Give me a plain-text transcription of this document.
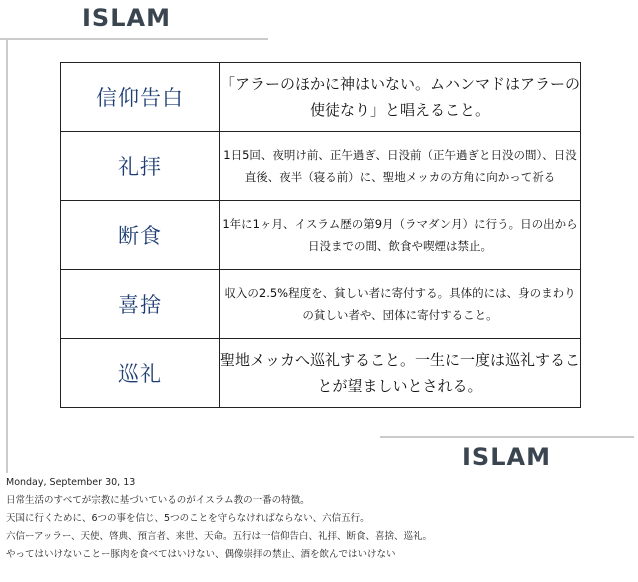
ISLAM
信仰告白	「アラーのほかに神はいない。ムハンマドはアラーの使徒なり」と唱えること。
礼拝	1日5回、夜明け前、正午過ぎ、日没前（正午過ぎと日没の間）、日没直後、夜半（寝る前）に、聖地メッカの方角に向かって祈る
断食	1年に1ヶ月、イスラム歴の第9月（ラマダン月）に行う。日の出から日没までの間、飲食や喫煙は禁止。
喜捨	収入の2.5%程度を、貧しい者に寄付する。具体的には、身のまわりの貧しい者や、団体に寄付すること。
巡礼	聖地メッカへ巡礼すること。一生に一度は巡礼することが望ましいとされる。
ISLAM
Monday, September 30, 13
日常生活のすべてが宗教に基づいているのがイスラム教の一番の特徴。
天国に行くために、6つの事を信じ、5つのことを守らなければならない、六信五行。
六信ーアッラー、天使、啓典、預言者、来世、天命。五行は一信仰告白、礼拝、断食、喜捨、巡礼。
やってはいけないことー豚肉を食べてはいけない、偶像崇拝の禁止、酒を飲んではいけない
